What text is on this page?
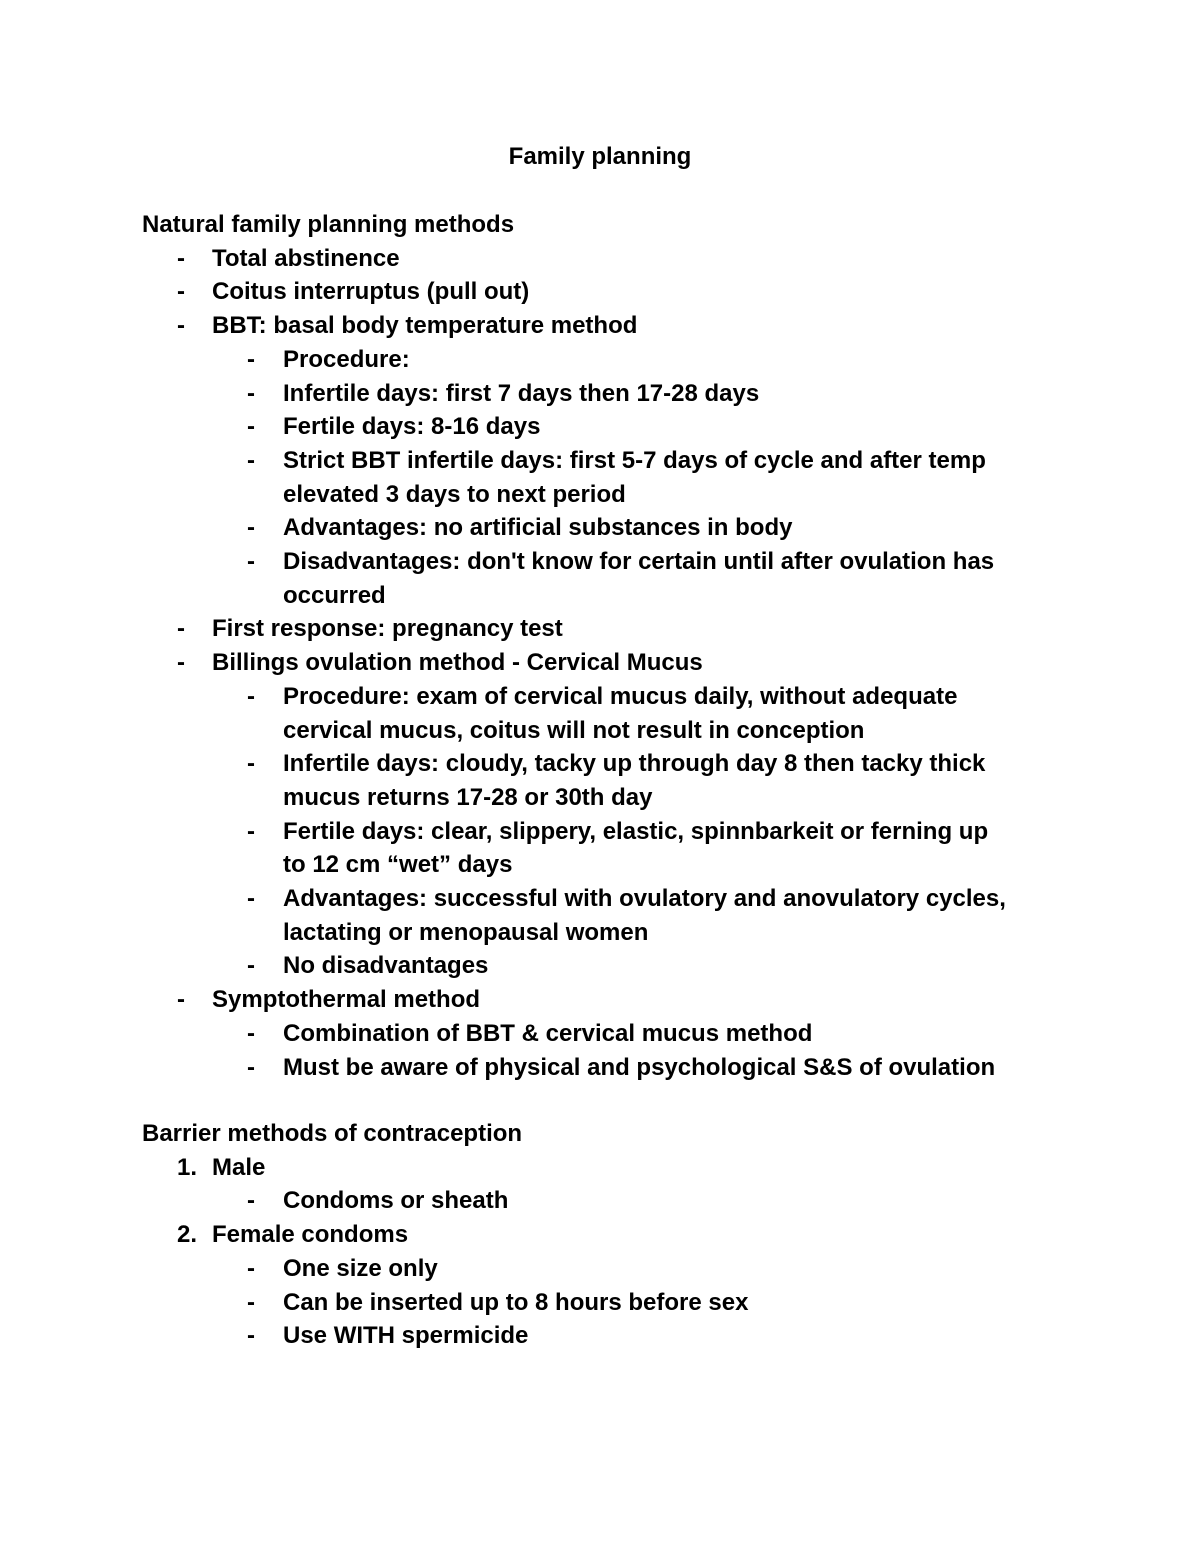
Family planning
Natural family planning methods
- Total abstinence
- Coitus interruptus (pull out)
- BBT: basal body temperature method
- Procedure:
- Infertile days: first 7 days then 17-28 days
- Fertile days: 8-16 days
- Strict BBT infertile days: first 5-7 days of cycle and after temp
elevated 3 days to next period
- Advantages: no artificial substances in body
- Disadvantages: don't know for certain until after ovulation has
occurred
- First response: pregnancy test
- Billings ovulation method - Cervical Mucus
- Procedure: exam of cervical mucus daily, without adequate
cervical mucus, coitus will not result in conception
- Infertile days: cloudy, tacky up through day 8 then tacky thick
mucus returns 17-28 or 30th day
- Fertile days: clear, slippery, elastic, spinnbarkeit or ferning up
to 12 cm “wet” days
- Advantages: successful with ovulatory and anovulatory cycles,
lactating or menopausal women
- No disadvantages
- Symptothermal method
- Combination of BBT & cervical mucus method
- Must be aware of physical and psychological S&S of ovulation
Barrier methods of contraception
1. Male
- Condoms or sheath
2. Female condoms
- One size only
- Can be inserted up to 8 hours before sex
- Use WITH spermicide
